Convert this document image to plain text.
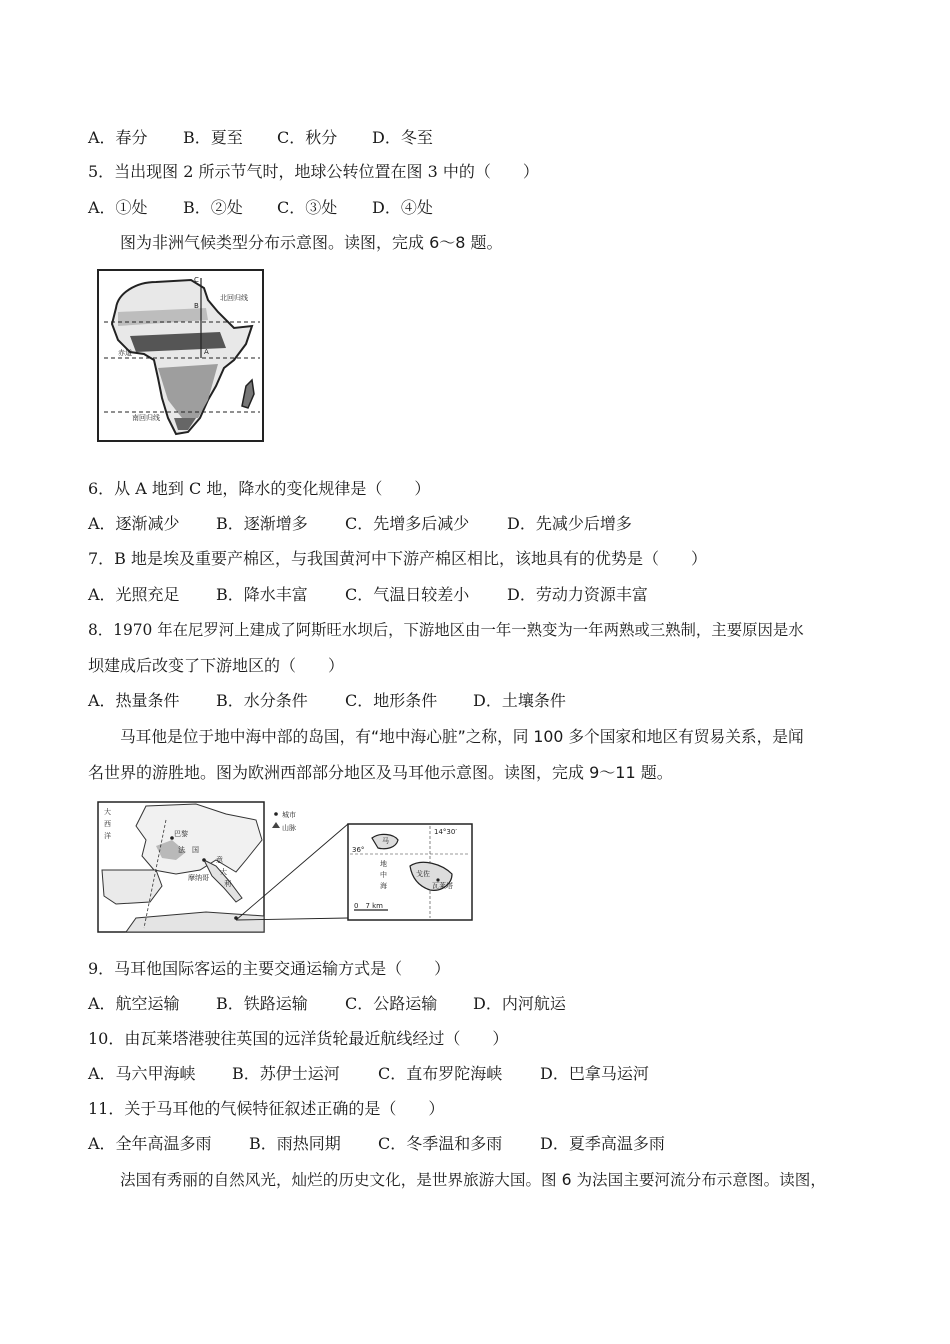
A．春分 B．夏至 C．秋分 D．冬至
5．当出现图 2 所示节气时，地球公转位置在图 3 中的（　　）
A．①处 B．②处 C．③处 D．④处
图为非洲气候类型分布示意图。读图，完成 6～8 题。
C
B
A
北回归线
赤道
南回归线
6．从 A 地到 C 地，降水的变化规律是（　　）
A．逐渐减少 B．逐渐增多 C．先增多后减少 D．先减少后增多
7．B 地是埃及重要产棉区，与我国黄河中下游产棉区相比，该地具有的优势是（　　）
A．光照充足 B．降水丰富 C．气温日较差小 D．劳动力资源丰富
8．1970 年在尼罗河上建成了阿斯旺水坝后，下游地区由一年一熟变为一年两熟或三熟制，主要原因是水
坝建成后改变了下游地区的（　　）
A．热量条件 B．水分条件 C．地形条件 D．土壤条件
马耳他是位于地中海中部的岛国，有“地中海心脏”之称，同 100 多个国家和地区有贸易关系，是闻
名世界的游胜地。图为欧洲西部部分地区及马耳他示意图。读图，完成 9～11 题。
大
西
洋	巴黎
法 国
摩纳哥
意
大
利
城市
山脉	14°30′
36°
马
地
中
海
戈佐
瓦莱塔
0　7 km
9．马耳他国际客运的主要交通运输方式是（　　）
A．航空运输 B．铁路运输 C．公路运输 D．内河航运
10．由瓦莱塔港驶往英国的远洋货轮最近航线经过（　　）
A．马六甲海峡 B．苏伊士运河 C．直布罗陀海峡 D．巴拿马运河
11．关于马耳他的气候特征叙述正确的是（　　）
A．全年高温多雨 B．雨热同期 C．冬季温和多雨 D．夏季高温多雨
法国有秀丽的自然风光，灿烂的历史文化，是世界旅游大国。图 6 为法国主要河流分布示意图。读图，
